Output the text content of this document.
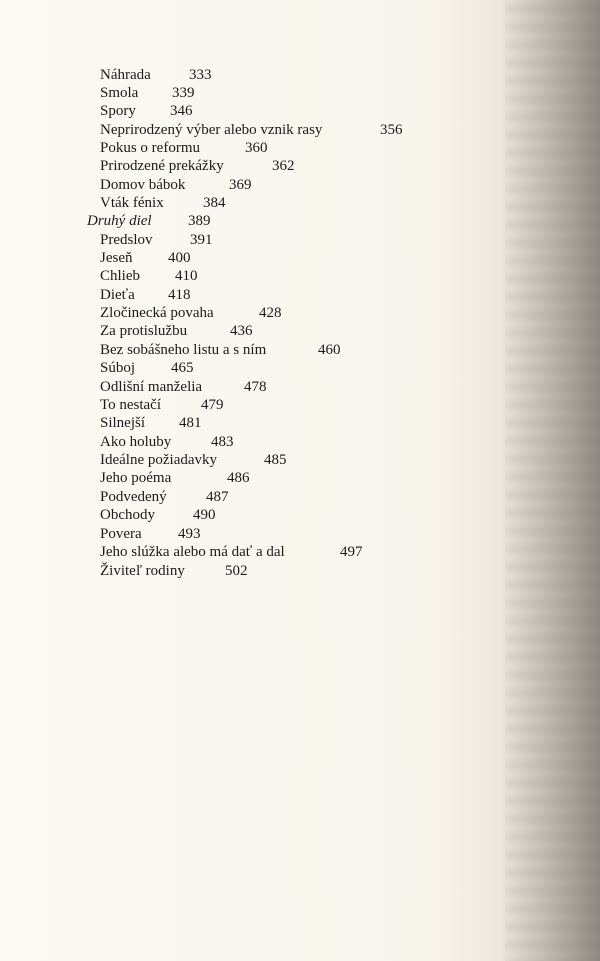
Náhrada	333
Smola 339
Spory 346
Neprirodzený výber alebo vznik rasy	356
Pokus o reformu	360
Prirodzené prekážky	362
Domov bábok	369
Vták fénix	384
Druhý diel 389
Predslov	391
Jeseň 400
Chlieb 410
Dieťa 418
Zločinecká povaha	428
Za protislužbu	436
Bez sobášneho listu a s ním	460
Súboj 465
Odlišní manželia	478
To nestačí	479
Silnejší 481
Ako holuby	483
Ideálne požiadavky	485
Jeho poéma	486
Podvedený	487
Obchody	490
Povera 493
Jeho slúžka alebo má dať a dal	497
Živiteľ rodiny	502
